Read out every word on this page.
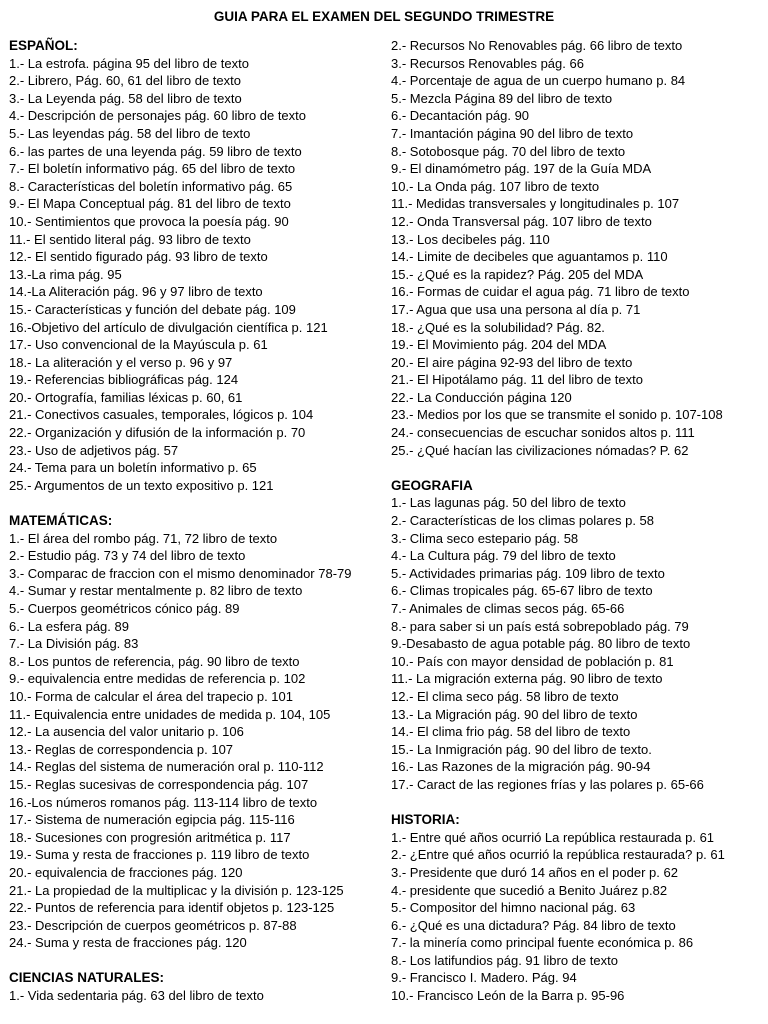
GUIA PARA EL EXAMEN DEL SEGUNDO TRIMESTRE
ESPAÑOL:
1.- La estrofa. página 95 del libro de texto
2.- Librero, Pág. 60, 61 del libro de texto
3.- La Leyenda pág. 58 del libro de texto
4.- Descripción de personajes pág. 60 libro de texto
5.- Las leyendas pág. 58 del libro de texto
6.- las partes de una leyenda pág. 59 libro de texto
7.- El boletín informativo pág. 65 del libro de texto
8.- Características del boletín informativo pág. 65
9.- El Mapa Conceptual pág. 81 del libro de texto
10.- Sentimientos que provoca la poesía pág. 90
11.- El sentido literal pág. 93 libro de texto
12.- El sentido figurado pág. 93 libro de texto
13.-La rima pág. 95
14.-La Aliteración pág. 96 y 97 libro de texto
15.- Características y función del debate pág. 109
16.-Objetivo del artículo de divulgación científica p. 121
17.- Uso convencional de la Mayúscula p. 61
18.- La aliteración y el verso p. 96 y 97
19.- Referencias bibliográficas pág. 124
20.- Ortografía, familias léxicas p. 60, 61
21.- Conectivos casuales, temporales, lógicos p. 104
22.- Organización y difusión de la información p. 70
23.- Uso de adjetivos pág. 57
24.- Tema para un boletín informativo p. 65
25.- Argumentos de un texto expositivo p. 121
MATEMÁTICAS:
1.- El área del rombo pág. 71, 72 libro de texto
2.- Estudio pág. 73 y 74 del libro de texto
3.- Comparac de fraccion con el mismo denominador 78-79
4.- Sumar y restar mentalmente p. 82 libro de texto
5.- Cuerpos geométricos cónico pág. 89
6.- La esfera pág. 89
7.- La División pág. 83
8.- Los puntos de referencia, pág. 90 libro de texto
9.- equivalencia entre medidas de referencia p. 102
10.- Forma de calcular el área del trapecio p. 101
11.- Equivalencia entre unidades de medida p. 104, 105
12.- La ausencia del valor unitario p. 106
13.- Reglas de correspondencia p. 107
14.- Reglas del sistema de numeración oral p. 110-112
15.- Reglas sucesivas de correspondencia pág. 107
16.-Los números romanos pág. 113-114 libro de texto
17.- Sistema de numeración egipcia pág. 115-116
18.- Sucesiones con progresión aritmética p. 117
19.- Suma y resta de fracciones p. 119 libro de texto
20.- equivalencia de fracciones pág. 120
21.- La propiedad de la multiplicac y la división p. 123-125
22.- Puntos de referencia para identif objetos p. 123-125
23.- Descripción de cuerpos geométricos p. 87-88
24.- Suma y resta de fracciones pág. 120
CIENCIAS NATURALES:
1.- Vida sedentaria pág. 63 del libro de texto
2.- Recursos No Renovables pág. 66 libro de texto
3.- Recursos Renovables pág. 66
4.- Porcentaje de agua de un cuerpo humano p. 84
5.- Mezcla Página 89 del libro de texto
6.- Decantación pág. 90
7.- Imantación página 90 del libro de texto
8.- Sotobosque pág. 70 del libro de texto
9.- El dinamómetro pág. 197 de la Guía MDA
10.- La Onda pág. 107 libro de texto
11.- Medidas transversales y longitudinales p. 107
12.- Onda Transversal pág. 107 libro de texto
13.- Los decibeles pág. 110
14.- Limite de decibeles que aguantamos p. 110
15.- ¿Qué es la rapidez? Pág. 205 del MDA
16.- Formas de cuidar el agua pág. 71 libro de texto
17.- Agua que usa una persona al día p. 71
18.- ¿Qué es la solubilidad? Pág. 82.
19.- El Movimiento pág. 204 del MDA
20.- El aire página 92-93 del libro de texto
21.- El Hipotálamo pág. 11 del libro de texto
22.- La Conducción página 120
23.- Medios por los que se transmite el sonido p. 107-108
24.- consecuencias de escuchar sonidos altos p. 111
25.- ¿Qué hacían las civilizaciones nómadas? P. 62
GEOGRAFIA
1.- Las lagunas pág. 50 del libro de texto
2.- Características de los climas polares p. 58
3.- Clima seco estepario pág. 58
4.- La Cultura pág. 79 del libro de texto
5.- Actividades primarias pág. 109 libro de texto
6.- Climas tropicales pág. 65-67 libro de texto
7.- Animales de climas secos pág. 65-66
8.- para saber si un país está sobrepoblado pág. 79
9.-Desabasto de agua potable pág. 80 libro de texto
10.- País con mayor densidad de población p. 81
11.- La migración externa pág. 90 libro de texto
12.- El clima seco pág. 58 libro de texto
13.- La Migración pág. 90 del libro de texto
14.- El clima frio pág. 58 del libro de texto
15.- La Inmigración pág. 90 del libro de texto.
16.- Las Razones de la migración pág. 90-94
17.- Caract de las regiones frías y las polares p. 65-66
HISTORIA:
1.- Entre qué años ocurrió La república restaurada p. 61
2.- ¿Entre qué años ocurrió la república restaurada? p. 61
3.- Presidente que duró 14 años en el poder p. 62
4.- presidente que sucedió a Benito Juárez p.82
5.- Compositor del himno nacional pág. 63
6.- ¿Qué es una dictadura? Pág. 84 libro de texto
7.- la minería como principal fuente económica p. 86
8.- Los latifundios pág. 91 libro de texto
9.- Francisco I. Madero. Pág. 94
10.- Francisco León de la Barra p. 95-96
